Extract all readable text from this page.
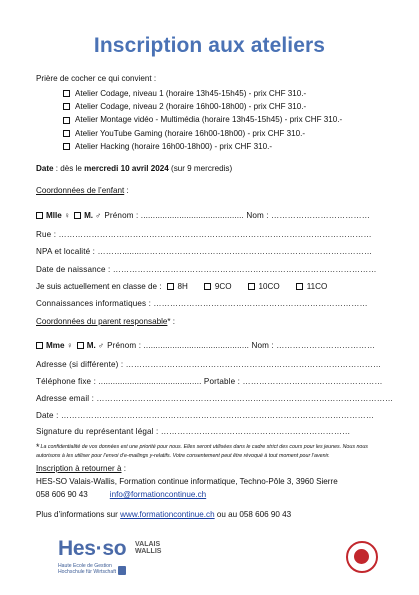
Inscription aux ateliers
Prière de cocher ce qui convient :
Atelier Codage, niveau 1 (horaire 13h45-15h45) - prix CHF 310.-
Atelier Codage, niveau 2 (horaire 16h00-18h00) - prix CHF 310.-
Atelier Montage vidéo - Multimédia (horaire 13h45-15h45) - prix CHF 310.-
Atelier YouTube Gaming (horaire 16h00-18h00) - prix CHF 310.-
Atelier Hacking (horaire 16h00-18h00) - prix CHF 310.-
Date : dès le mercredi 10 avril 2024 (sur 9 mercredis)
Coordonnées de l’enfant :
Mlle ♀ M. ♂ Prénom : ........................................... Nom : ………………………………
Rue : ……………………………………………………………………………………………………
NPA et localité : ………........…………………………………………………………………………
Date de naissance : ……………………………………………………………………………………
Je suis actuellement en classe de : 8H	9CO	10CO	11CO
Connaissances informatiques : ……………………………………………………………………
Coordonnées du parent responsable* :
Mme ♀ M. ♂ Prénom : ............................................ Nom : ………………………………
Adresse (si différente) : …………………………………………………………………………………
Téléphone fixe : ........................................... Portable : ……………………………………………
Adresse email : ………………………………………………………………………………………………
Date : ……………………………………………………………………………………………………
Signature du représentant légal : ……………………………………………………………
*La confidentialité de vos données est une priorité pour nous. Elles seront utilisées dans le cadre strict des cours pour les jeunes. Nous nous autorisons à les utiliser pour l’envoi d’e-mailings y-relatifs. Votre consentement peut être révoqué à tout moment pour l’avenir.
Inscription à retourner à :
HES-SO Valais-Wallis, Formation continue informatique, Techno-Pôle 3, 3960 Sierre
058 606 90 43	info@formationcontinue.ch
Plus d’informations sur www.formationcontinue.ch ou au 058 606 90 43
Hes·so VALAIS
WALLIS
Haute Ecole de Gestion
Hochschule für Wirtschaft
